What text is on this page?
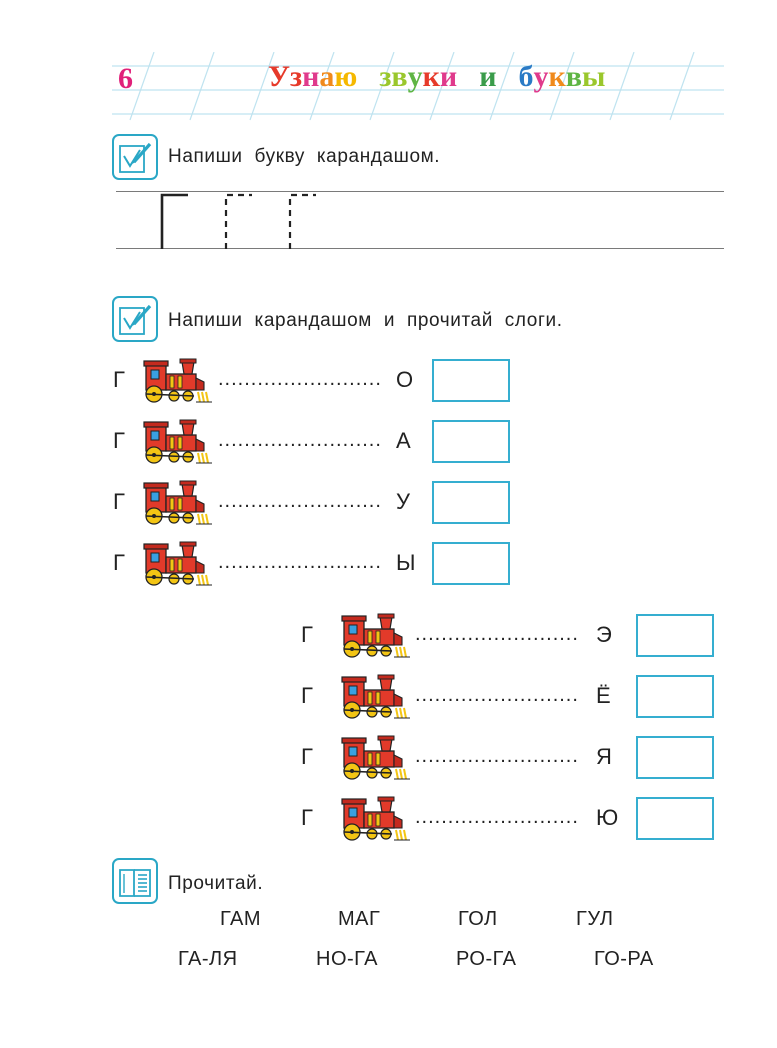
6	Узнаю звуки и буквы
Напиши букву карандашом.
Напиши карандашом и прочитай слоги.
Г	......................... О
Г	......................... А
Г	......................... У
Г	......................... Ы
Г	......................... Э
Г	......................... Ё
Г	......................... Я
Г	......................... Ю
Прочитай.
ГАМ	МАГ	ГОЛ	ГУЛ
ГА-ЛЯ	НО-ГА	РО-ГА	ГО-РА
